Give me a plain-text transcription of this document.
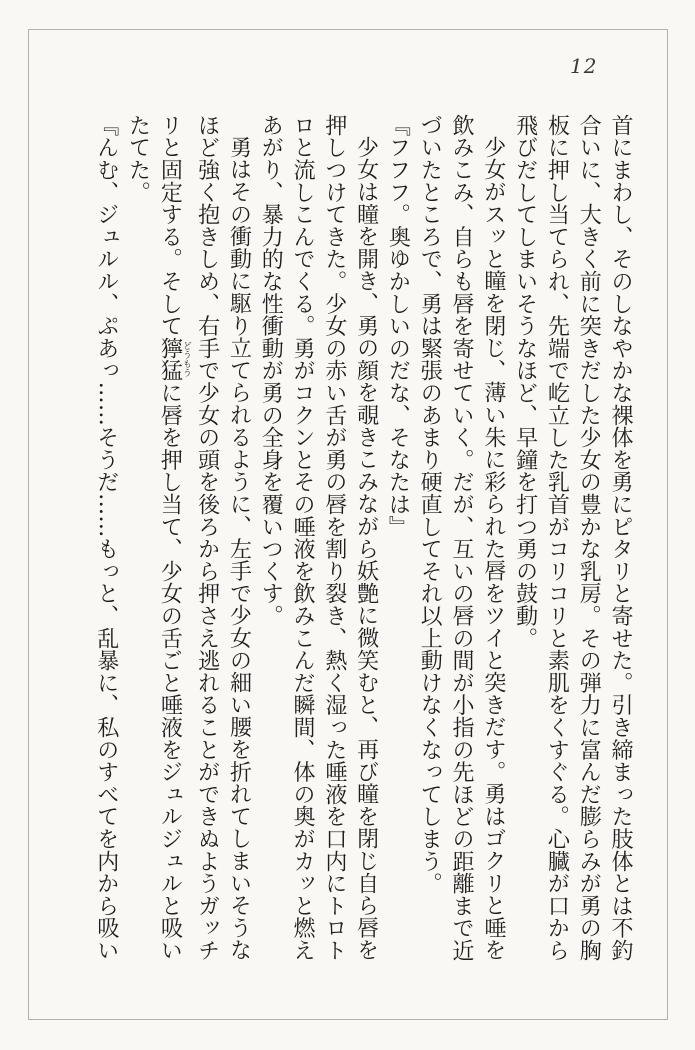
12

首にまわし、そのしなやかな裸体を勇にピタリと寄せた。引き締まった肢体とは不釣

合いに、大きく前に突きだした少女の豊かな乳房。その弾力に富んだ膨らみが勇の胸

板に押し当てられ、先端で屹立した乳首がコリコリと素肌をくすぐる。心臓が口から

飛びだしてしまいそうなほど、早鐘を打つ勇の鼓動。

少女がスッと瞳を閉じ、薄い朱に彩られた唇をツイと突きだす。勇はゴクリと唾を

飲みこみ、自らも唇を寄せていく。だが、互いの唇の間が小指の先ほどの距離まで近

づいたところで、勇は緊張のあまり硬直してそれ以上動けなくなってしまう。

『フフフ。奥ゆかしいのだな、そなたは』

少女は瞳を開き、勇の顔を覗きこみながら妖艶に微笑むと、再び瞳を閉じ自ら唇を

押しつけてきた。少女の赤い舌が勇の唇を割り裂き、熱く湿った唾液を口内にトロト

ロと流しこんでくる。勇がコクンとその唾液を飲みこんだ瞬間、体の奥がカッと燃え

あがり、暴力的な性衝動が勇の全身を覆いつくす。

勇はその衝動に駆り立てられるように、左手で少女の細い腰を折れてしまいそうな

ほど強く抱きしめ、右手で少女の頭を後ろから押さえ逃れることができぬようガッチ

リと固定する。そして獰猛どうもうに唇を押し当て、少女の舌ごと唾液をジュルジュルと吸い

たてた。

『んむ、ジュルル、ぷあっ……そうだ……もっと、乱暴に、私のすべてを内から吸い
